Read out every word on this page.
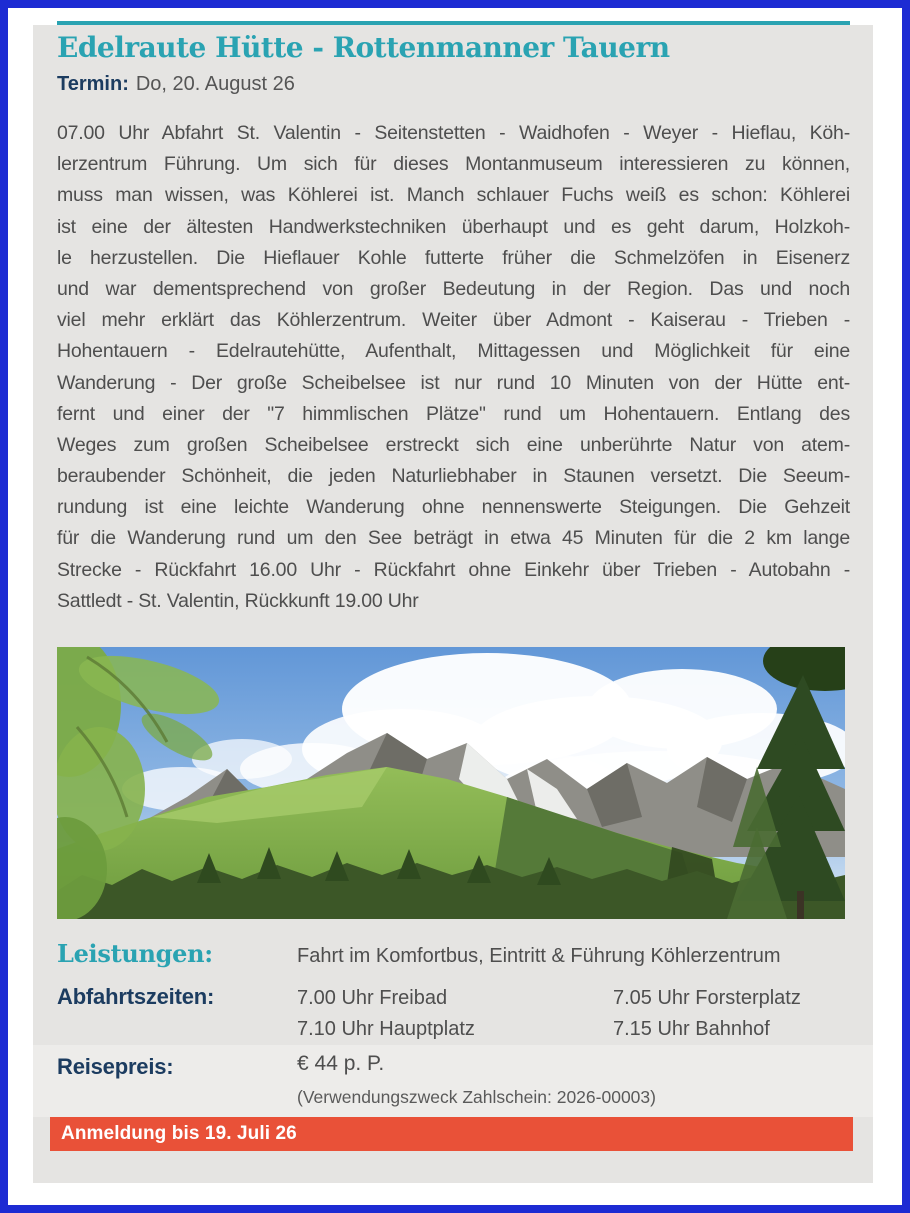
Edelraute Hütte - Rottenmanner Tauern
Termin: Do, 20. August 26
07.00 Uhr Abfahrt St. Valentin - Seitenstetten - Waidhofen - Weyer - Hieflau, Köh-
lerzentrum Führung. Um sich für dieses Montanmuseum interessieren zu können,
muss man wissen, was Köhlerei ist. Manch schlauer Fuchs weiß es schon: Köhlerei
ist eine der ältesten Handwerkstechniken überhaupt und es geht darum, Holzkoh-
le herzustellen. Die Hieflauer Kohle futterte früher die Schmelzöfen in Eisenerz
und war dementsprechend von großer Bedeutung in der Region. Das und noch
viel mehr erklärt das Köhlerzentrum. Weiter über Admont - Kaiserau - Trieben -
Hohentauern - Edelrautehütte, Aufenthalt, Mittagessen und Möglichkeit für eine
Wanderung - Der große Scheibelsee ist nur rund 10 Minuten von der Hütte ent-
fernt und einer der "7 himmlischen Plätze" rund um Hohentauern. Entlang des
Weges zum großen Scheibelsee erstreckt sich eine unberührte Natur von atem-
beraubender Schönheit, die jeden Naturliebhaber in Staunen versetzt. Die Seeum-
rundung ist eine leichte Wanderung ohne nennenswerte Steigungen. Die Gehzeit
für die Wanderung rund um den See beträgt in etwa 45 Minuten für die 2 km lange
Strecke - Rückfahrt 16.00 Uhr - Rückfahrt ohne Einkehr über Trieben - Autobahn -
Sattledt - St. Valentin, Rückkunft 19.00 Uhr
Leistungen:	Fahrt im Komfortbus, Eintritt & Führung Köhlerzentrum
Abfahrtszeiten:	7.00 Uhr Freibad	7.05 Uhr Forsterplatz
7.10 Uhr Hauptplatz	7.15 Uhr Bahnhof
Reisepreis:	€ 44 p. P.
(Verwendungszweck Zahlschein: 2026-00003)
Anmeldung bis 19. Juli 26
